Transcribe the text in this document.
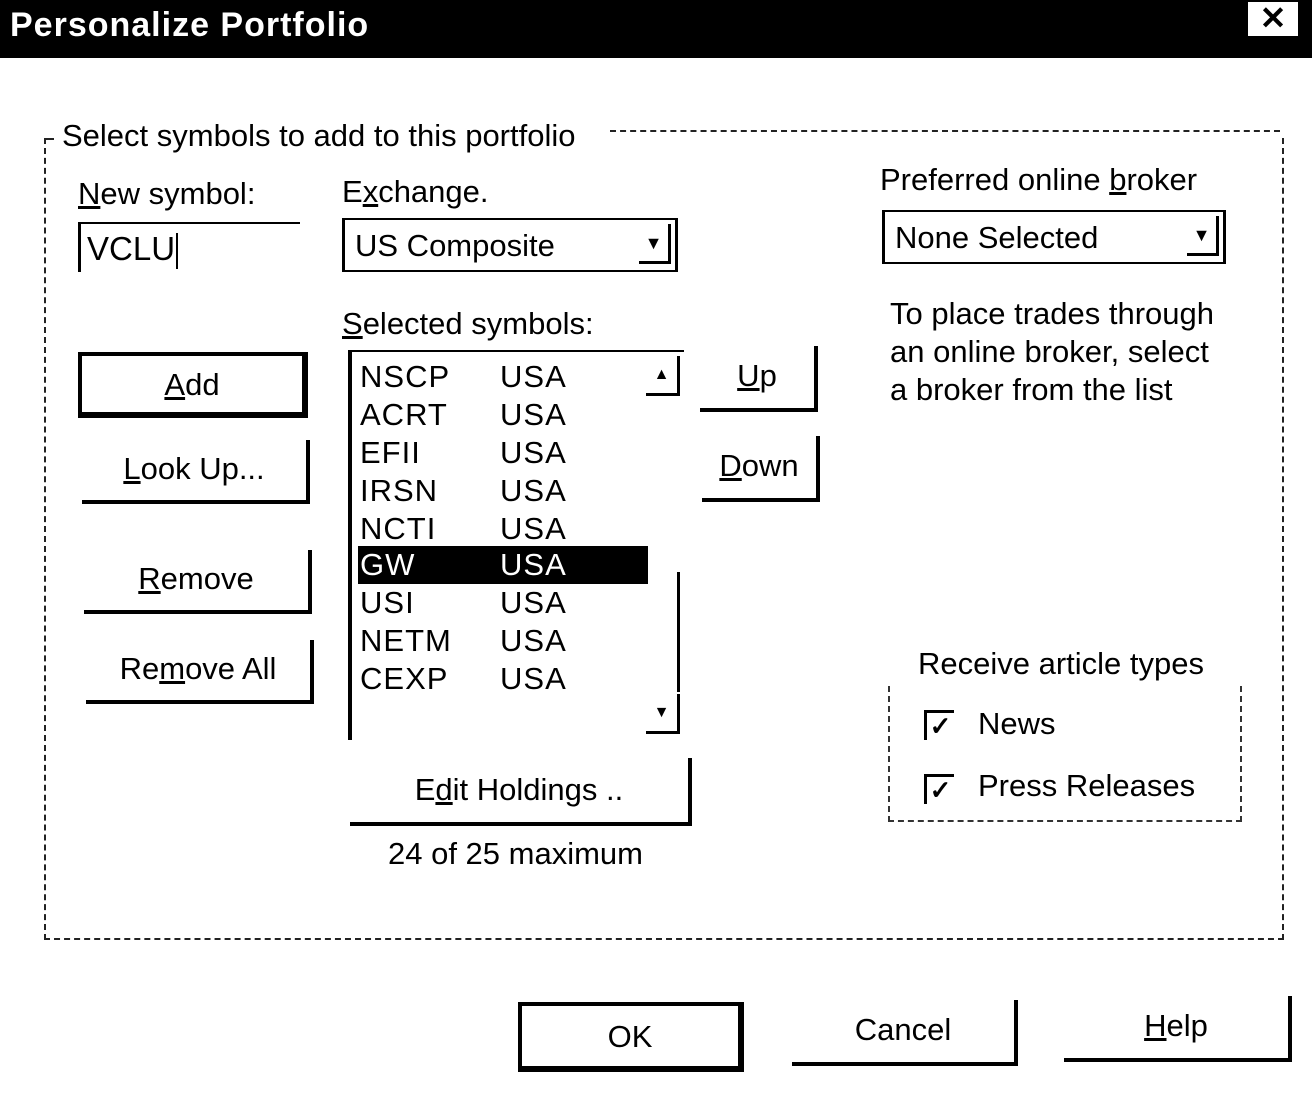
Personalize Portfolio	✕
Select symbols to add to this portfolio
New symbol:
VCLU
Exchange.
US Composite	▼
Preferred online broker
None Selected	▼
To place trades through
an online broker, select
a broker from the list
Add
Look Up...
Remove
Remove All
Selected symbols:
NSCP USA
ACRT USA
EFII	USA
IRSN USA
NCTI USA
GW	USA
USI	USA
NETM USA
CEXP USA
▲
▼
Up
Down
Edit Holdings ..
24 of 25 maximum
Receive article types
✓ News
✓ Press Releases
OK	Cancel	Help
